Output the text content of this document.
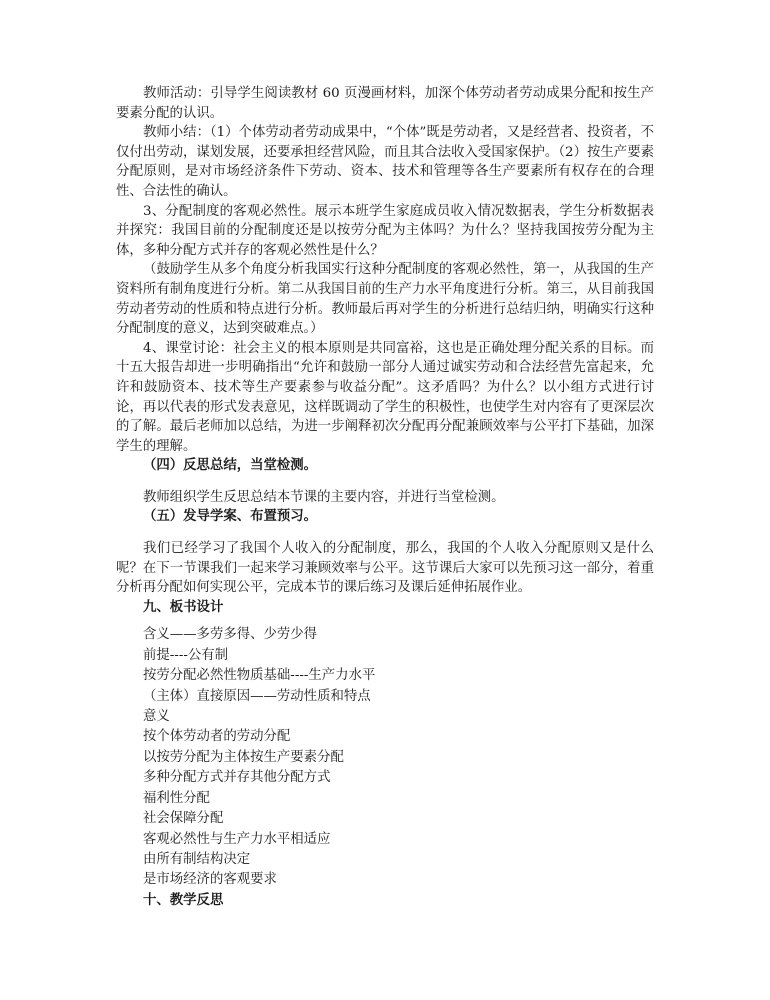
教师活动：引导学生阅读教材 60 页漫画材料，加深个体劳动者劳动成果分配和按生产要素分配的认识。

教师小结：（1）个体劳动者劳动成果中，“个体”既是劳动者，又是经营者、投资者，不仅付出劳动，谋划发展，还要承担经营风险，而且其合法收入受国家保护。（2）按生产要素分配原则，是对市场经济条件下劳动、资本、技术和管理等各生产要素所有权存在的合理性、合法性的确认。

3、分配制度的客观必然性。展示本班学生家庭成员收入情况数据表，学生分析数据表并探究：我国目前的分配制度还是以按劳分配为主体吗？为什么？坚持我国按劳分配为主体，多种分配方式并存的客观必然性是什么？

（鼓励学生从多个角度分析我国实行这种分配制度的客观必然性，第一，从我国的生产资料所有制角度进行分析。第二从我国目前的生产力水平角度进行分析。第三，从目前我国劳动者劳动的性质和特点进行分析。教师最后再对学生的分析进行总结归纳，明确实行这种分配制度的意义，达到突破难点。）

4、课堂讨论：社会主义的根本原则是共同富裕，这也是正确处理分配关系的目标。而十五大报告却进一步明确指出“允许和鼓励一部分人通过诚实劳动和合法经营先富起来，允许和鼓励资本、技术等生产要素参与收益分配”。这矛盾吗？为什么？以小组方式进行讨论，再以代表的形式发表意见，这样既调动了学生的积极性，也使学生对内容有了更深层次的了解。最后老师加以总结，为进一步阐释初次分配再分配兼顾效率与公平打下基础，加深学生的理解。

（四）反思总结，当堂检测。

教师组织学生反思总结本节课的主要内容，并进行当堂检测。

（五）发导学案、布置预习。

我们已经学习了我国个人收入的分配制度，那么，我国的个人收入分配原则又是什么呢？在下一节课我们一起来学习兼顾效率与公平。这节课后大家可以先预习这一部分，着重分析再分配如何实现公平，完成本节的课后练习及课后延伸拓展作业。

九、板书设计

含义——多劳多得、少劳少得
前提----公有制
按劳分配必然性物质基础----生产力水平
（主体）直接原因——劳动性质和特点
意义
按个体劳动者的劳动分配
以按劳分配为主体按生产要素分配
多种分配方式并存其他分配方式
福利性分配
社会保障分配
客观必然性与生产力水平相适应
由所有制结构决定
是市场经济的客观要求

十、教学反思
